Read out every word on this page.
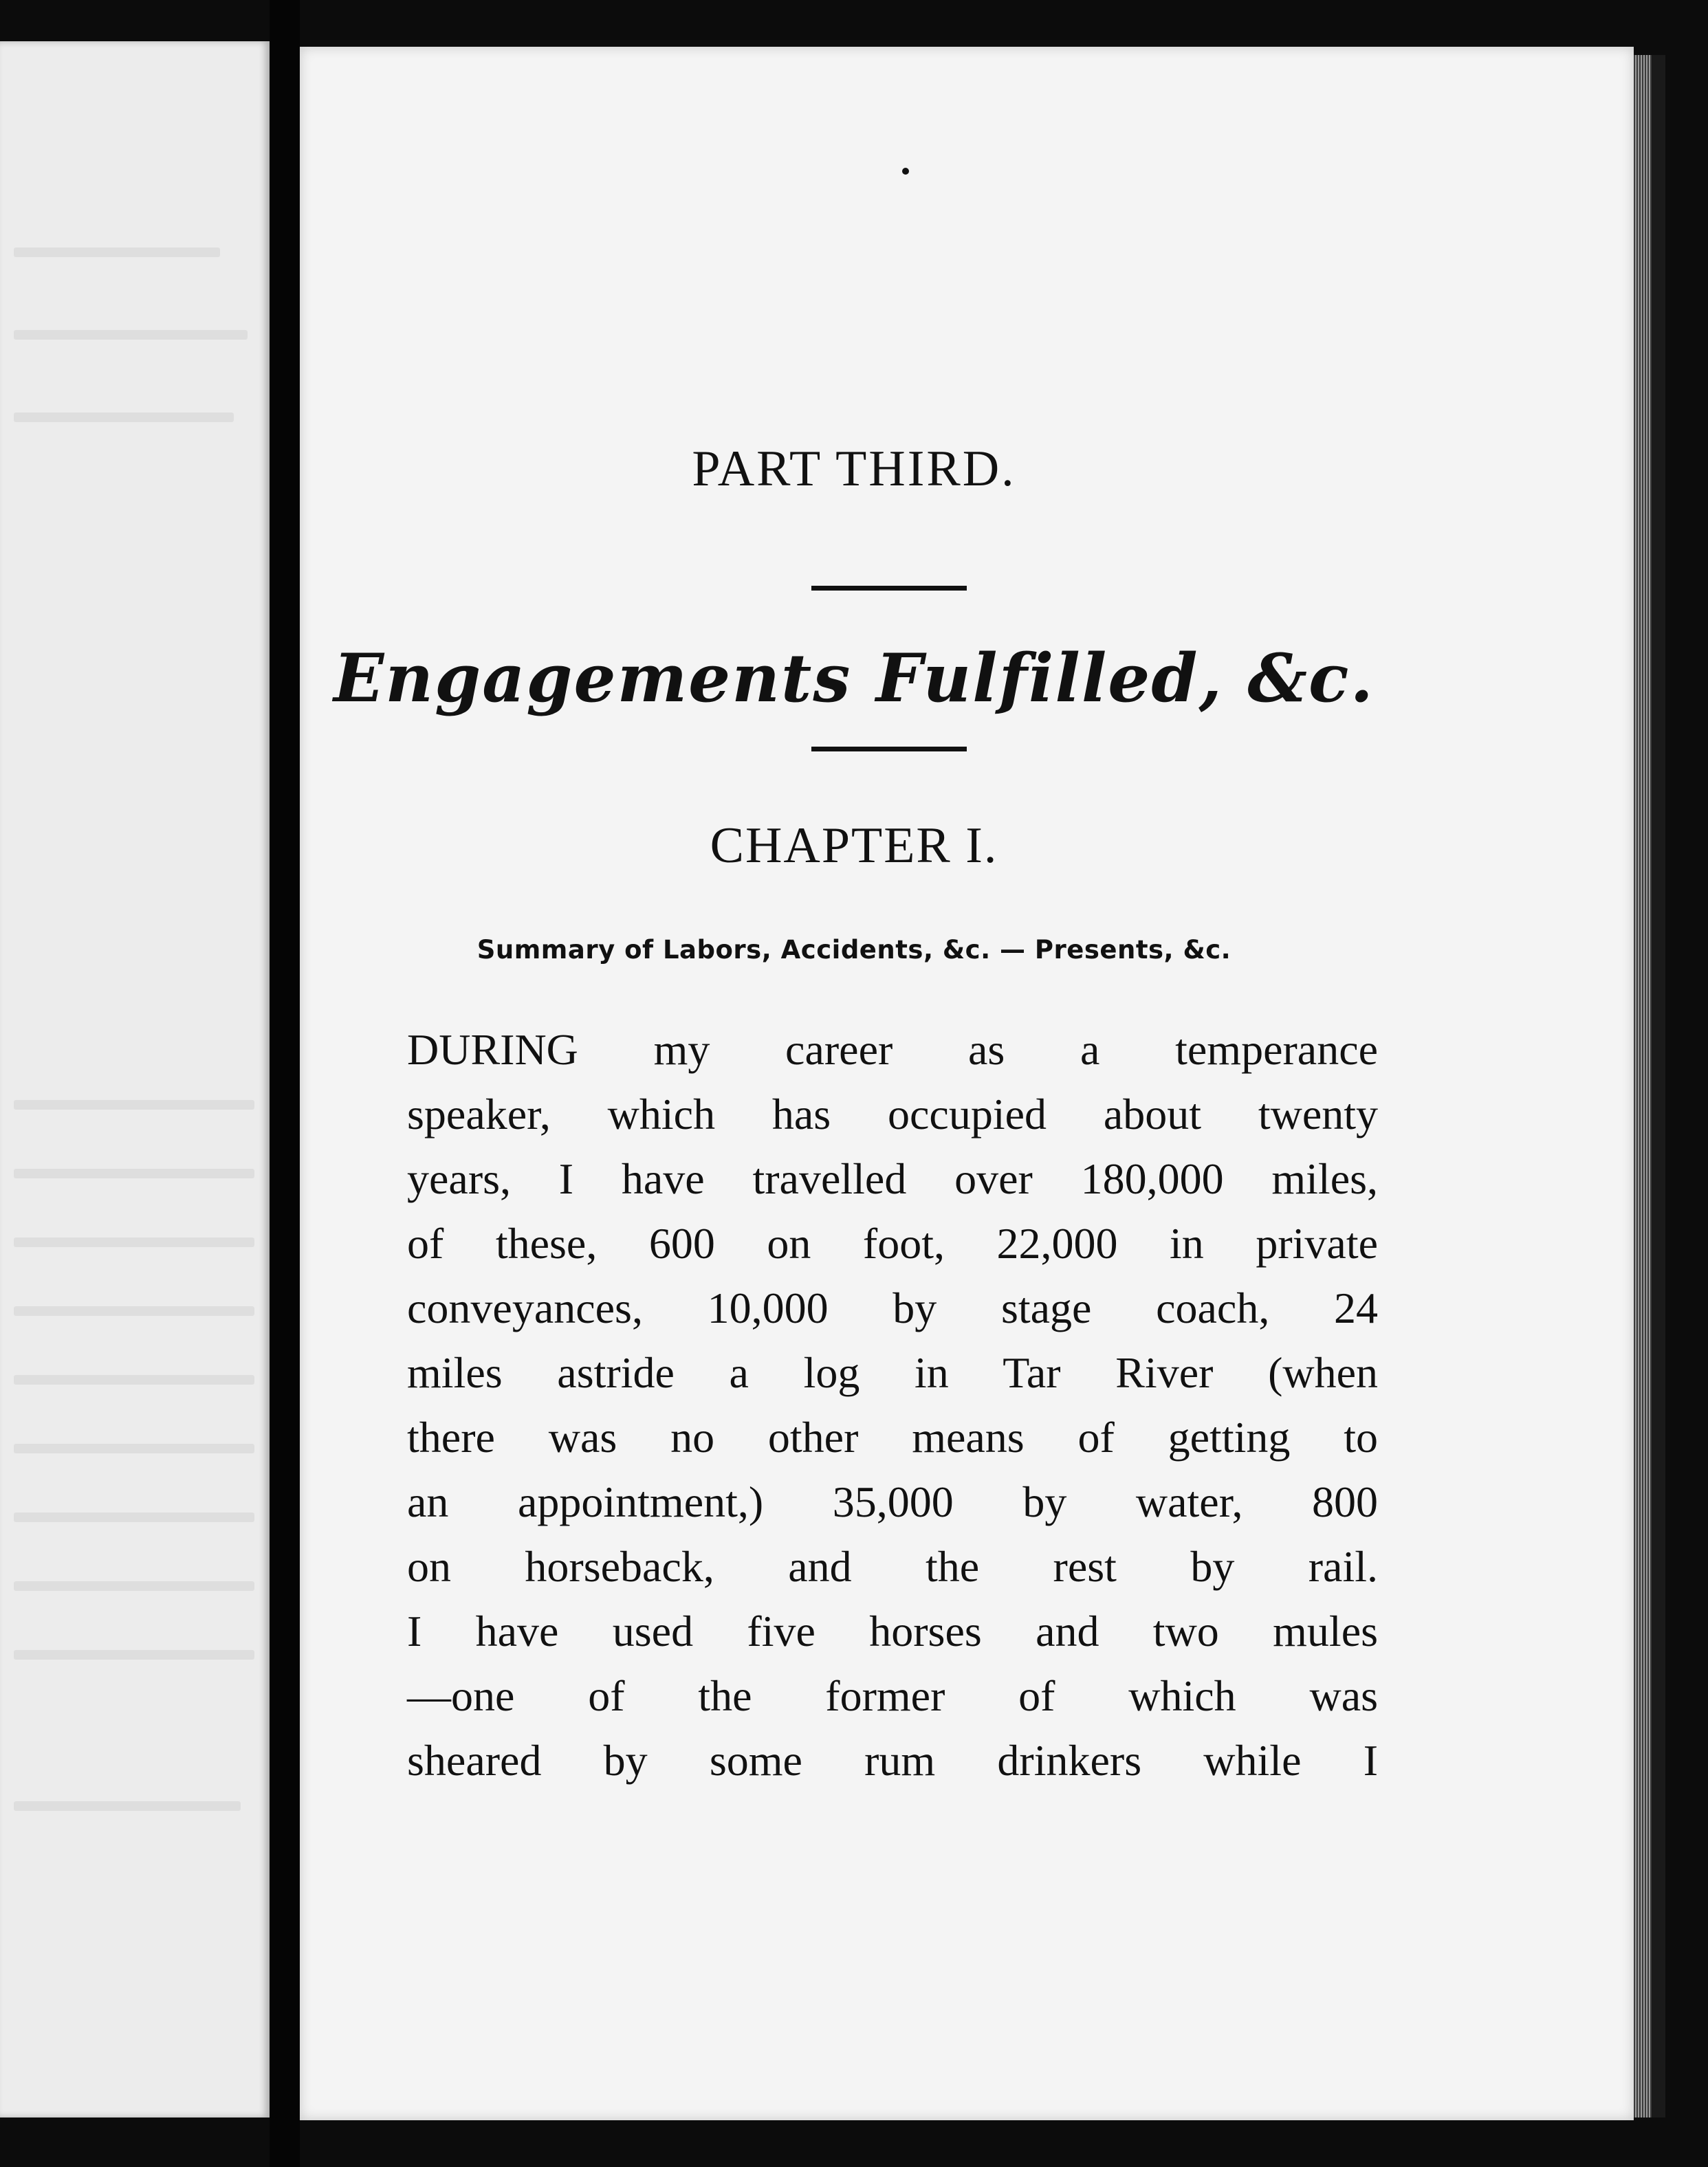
PART THIRD.
Engagements Fulfilled, &c.
CHAPTER I.
Summary of Labors, Accidents, &c. — Presents, &c.
DURING my career as a temperance
speaker, which has occupied about twenty
years, I have travelled over 180,000 miles,
of these, 600 on foot, 22,000 in private
conveyances, 10,000 by stage coach, 24
miles astride a log in Tar River (when
there was no other means of getting to
an appointment,) 35,000 by water, 800
on horseback, and the rest by rail.
I have used five horses and two mules
—one of the former of which was
sheared by some rum drinkers while I
